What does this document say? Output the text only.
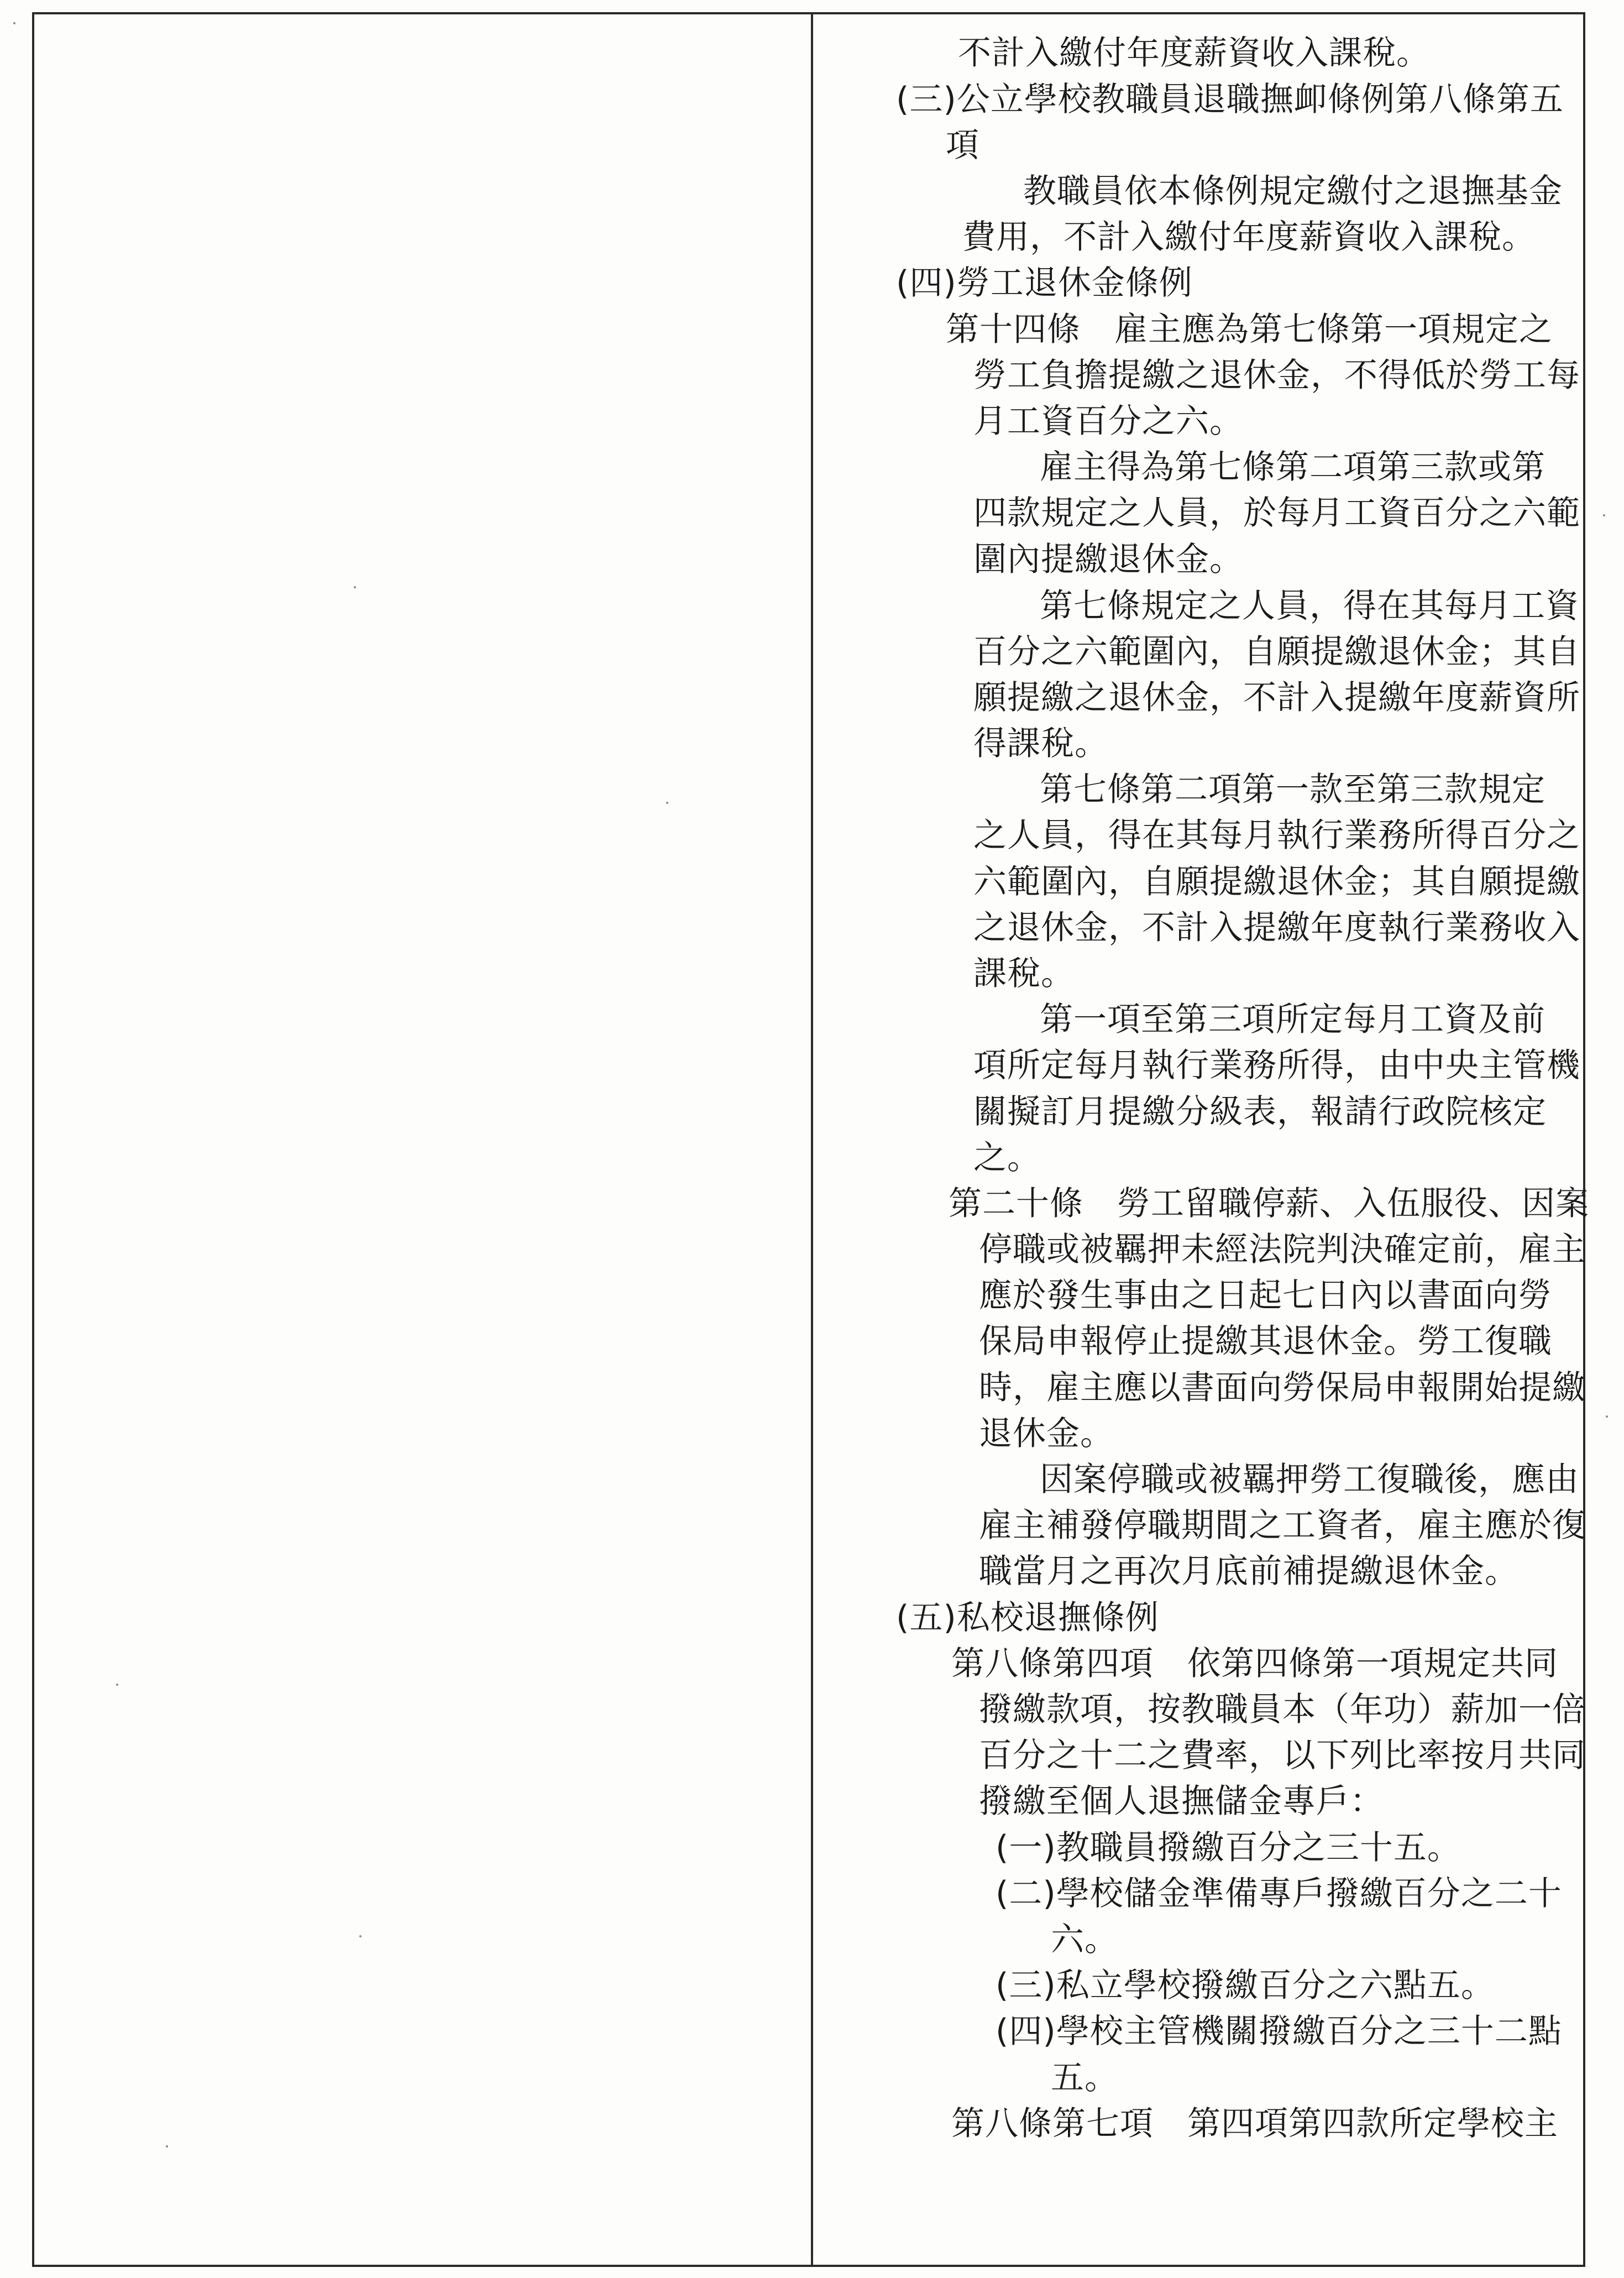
不計入繳付年度薪資收入課稅。
(三)公立學校教職員退職撫卹條例第八條第五
項
教職員依本條例規定繳付之退撫基金
費用，不計入繳付年度薪資收入課稅。
(四)勞工退休金條例
第十四條　雇主應為第七條第一項規定之
勞工負擔提繳之退休金，不得低於勞工每
月工資百分之六。
雇主得為第七條第二項第三款或第
四款規定之人員，於每月工資百分之六範
圍內提繳退休金。
第七條規定之人員，得在其每月工資
百分之六範圍內，自願提繳退休金；其自
願提繳之退休金，不計入提繳年度薪資所
得課稅。
第七條第二項第一款至第三款規定
之人員，得在其每月執行業務所得百分之
六範圍內，自願提繳退休金；其自願提繳
之退休金，不計入提繳年度執行業務收入
課稅。
第一項至第三項所定每月工資及前
項所定每月執行業務所得，由中央主管機
關擬訂月提繳分級表，報請行政院核定
之。
第二十條　勞工留職停薪、入伍服役、因案
停職或被羈押未經法院判決確定前，雇主
應於發生事由之日起七日內以書面向勞
保局申報停止提繳其退休金。勞工復職
時，雇主應以書面向勞保局申報開始提繳
退休金。
因案停職或被羈押勞工復職後，應由
雇主補發停職期間之工資者，雇主應於復
職當月之再次月底前補提繳退休金。
(五)私校退撫條例
第八條第四項　依第四條第一項規定共同
撥繳款項，按教職員本（年功）薪加一倍
百分之十二之費率，以下列比率按月共同
撥繳至個人退撫儲金專戶：
(一)教職員撥繳百分之三十五。
(二)學校儲金準備專戶撥繳百分之二十
六。
(三)私立學校撥繳百分之六點五。
(四)學校主管機關撥繳百分之三十二點
五。
第八條第七項　第四項第四款所定學校主
